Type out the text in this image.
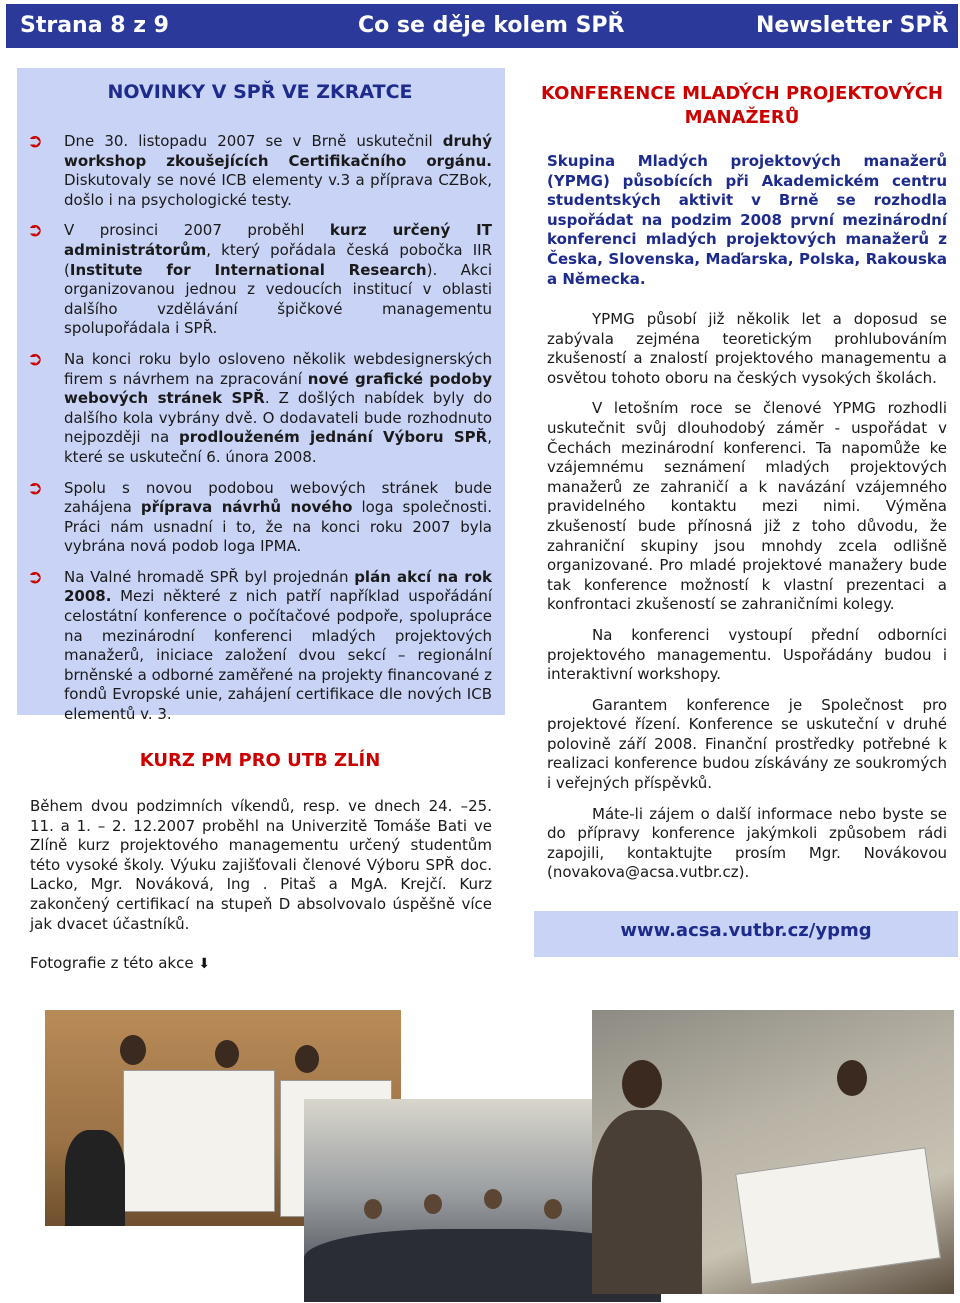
Strana 8 z 9	Co se děje kolem SPŘ	Newsletter SPŘ
NOVINKY V SPŘ VE ZKRATCE
➲ Dne 30. listopadu 2007 se v Brně uskutečnil druhý workshop zkoušejících Certifikačního orgánu. Diskutovaly se nové ICB elementy v.3 a příprava CZBok, došlo i na psychologické testy.
➲ V prosinci 2007 proběhl kurz určený IT administrátorům, který pořádala česká pobočka IIR (Institute for International Research). Akci organizovanou jednou z vedoucích institucí v oblasti dalšího vzdělávání špičkové managementu spolupořádala i SPŘ.
➲ Na konci roku bylo osloveno několik webdesignerských firem s návrhem na zpracování nové grafické podoby webových stránek SPŘ. Z došlých nabídek byly do dalšího kola vybrány dvě. O dodavateli bude rozhodnuto nejpozději na prodlouženém jednání Výboru SPŘ, které se uskuteční 6. února 2008.
➲ Spolu s novou podobou webových stránek bude zahájena příprava návrhů nového loga společnosti. Práci nám usnadní i to, že na konci roku 2007 byla vybrána nová podob loga IPMA.
➲ Na Valné hromadě SPŘ byl projednán plán akcí na rok 2008. Mezi některé z nich patří například uspořádání celostátní konference o počítačové podpoře, spolupráce na mezinárodní konferenci mladých projektových manažerů, iniciace založení dvou sekcí – regionální brněnské a odborné zaměřené na projekty financované z fondů Evropské unie, zahájení certifikace dle nových ICB elementů v. 3.
KURZ PM PRO UTB ZLÍN

Během dvou podzimních víkendů, resp. ve dnech 24. –25. 11. a 1. – 2. 12.2007 proběhl na Univerzitě Tomáše Bati ve Zlíně kurz projektového managementu určený studentům této vysoké školy. Výuku zajišťovali členové Výboru SPŘ doc. Lacko, Mgr. Nováková, Ing . Pitaš a MgA. Krejčí. Kurz zakončený certifikací na stupeň D absolvovalo úspěšně více jak dvacet účastníků.

Fotografie z této akce ⬇
KONFERENCE MLADÝCH PROJEKTOVÝCH MANAŽERŮ

Skupina Mladých projektových manažerů (YPMG) působících při Akademickém centru studentských aktivit v Brně se rozhodla uspořádat na podzim 2008 první mezinárodní konferenci mladých projektových manažerů z Česka, Slovenska, Maďarska, Polska, Rakouska a Německa.

YPMG působí již několik let a doposud se zabývala zejména teoretickým prohlubováním zkušeností a znalostí projektového managementu a osvětou tohoto oboru na českých vysokých školách.

V letošním roce se členové YPMG rozhodli uskutečnit svůj dlouhodobý záměr - uspořádat v Čechách mezinárodní konferenci. Ta napomůže ke vzájemnému seznámení mladých projektových manažerů ze zahraničí a k navázání vzájemného pravidelného kontaktu mezi nimi. Výměna zkušeností bude přínosná již z toho důvodu, že zahraniční skupiny jsou mnohdy zcela odlišně organizované. Pro mladé projektové manažery bude tak konference možností k vlastní prezentaci a konfrontaci zkušeností se zahraničními kolegy.

Na konferenci vystoupí přední odborníci projektového managementu. Uspořádány budou i interaktivní workshopy.

Garantem konference je Společnost pro projektové řízení. Konference se uskuteční v druhé polovině září 2008. Finanční prostředky potřebné k realizaci konference budou získávány ze soukromých i veřejných příspěvků.

Máte-li zájem o další informace nebo byste se do přípravy konference jakýmkoli způsobem rádi zapojili, kontaktujte prosím Mgr. Novákovou (novakova@acsa.vutbr.cz).

www.acsa.vutbr.cz/ypmg
